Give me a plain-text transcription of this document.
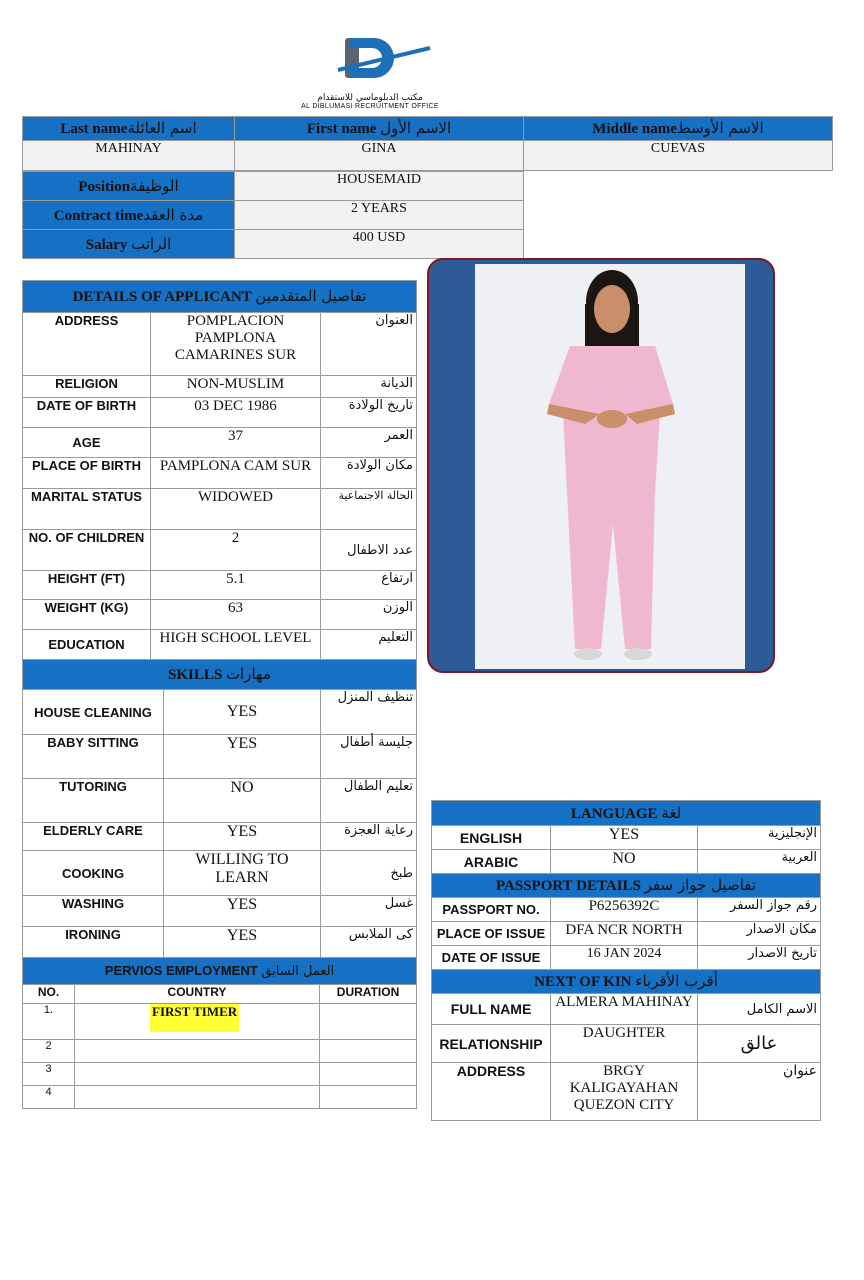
مكتب الدبلوماسي للاستقدام
AL DIBLUMASI RECRUITMENT OFFICE
Last nameاسم العائلة	First name الاسم الأول	Middle nameالاسم الأوسط
MAHINAY	GINA	CUEVAS
Positionالوظيفة	HOUSEMAID
Contract timeمدة العقد	2 YEARS
Salary الراتب	400 USD
DETAILS OF APPLICANT تفاصيل المتقدمين		
ADDRESS	POMPLACION PAMPLONA CAMARINES SUR	العنوان
RELIGION	NON-MUSLIM	الديانة
DATE OF BIRTH	03 DEC 1986	تاريخ الولادة
AGE	37	العمر
PLACE OF BIRTH	PAMPLONA CAM SUR	مكان الولادة
MARITAL STATUS	WIDOWED	الحالة الاجتماعية
NO. OF CHILDREN	2	عدد الاطفال
HEIGHT (FT)	5.1	ارتفاع
WEIGHT (KG)	63	الوزن
EDUCATION	HIGH SCHOOL LEVEL	التعليم
SKILLS مهارات		
HOUSE CLEANING	YES	تنظيف المنزل
BABY SITTING	YES	جليسة أطفال
TUTORING	NO	تعليم الطفال
ELDERLY CARE	YES	رعاية العجزة
COOKING	WILLING TO LEARN	طبخ
WASHING	YES	غسل
IRONING	YES	كى الملابس
PERVIOS EMPLOYMENT العمل السابق		
NO.	COUNTRY	DURATION
1.	FIRST TIMER	
2		
3		
4		
LANGUAGE لغة		
ENGLISH	YES	الإنجليزية
ARABIC	NO	العربية
PASSPORT DETAILS تفاصيل جواز سفر		
PASSPORT NO.	P6256392C	رقم جواز السفر
PLACE OF ISSUE	DFA NCR NORTH	مكان الاصدار
DATE OF ISSUE	16 JAN 2024	تاريخ الاصدار
NEXT OF KIN أقرب الأقرباء		
FULL NAME	ALMERA MAHINAY	الاسم الكامل
RELATIONSHIP	DAUGHTER	عالق
ADDRESS	BRGY KALIGAYAHAN QUEZON CITY	عنوان
